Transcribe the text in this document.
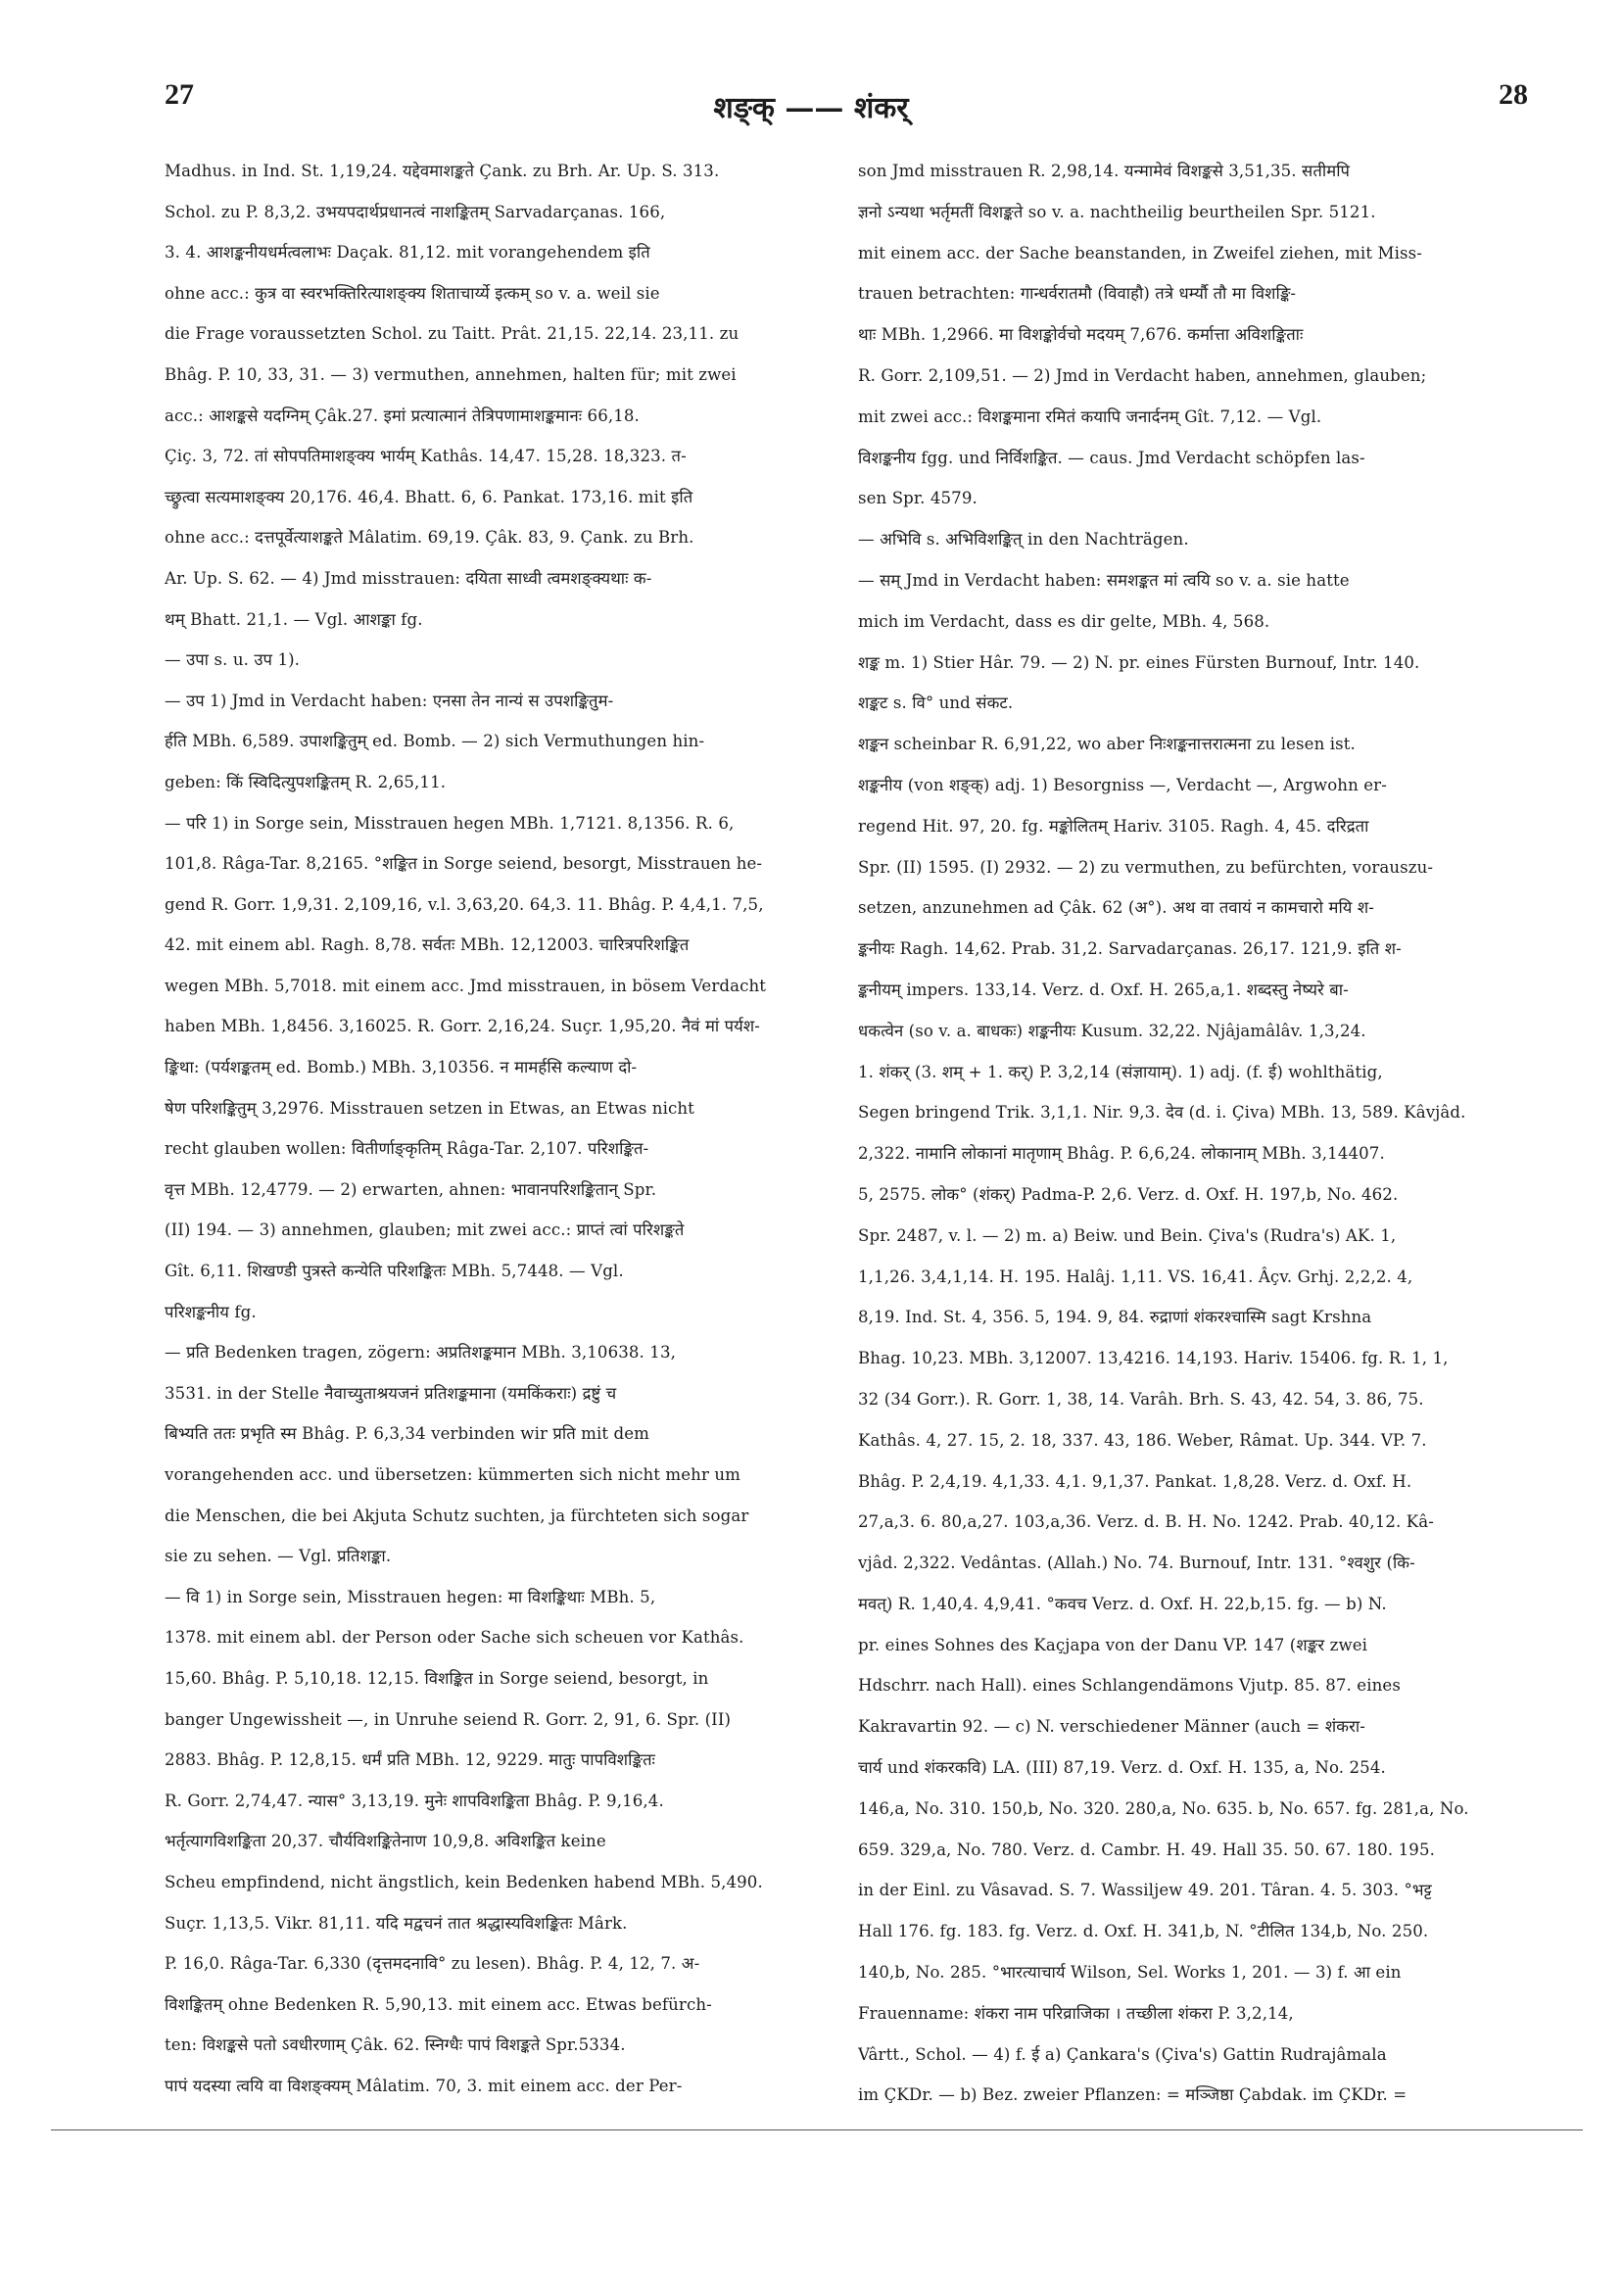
27	शङ्क् —— शंकर्	28
Madhus. in Ind. St. 1,19,24. यद्देवमाशङ्कते Çank. zu Brh. Ar. Up. S. 313.
Schol. zu P. 8,3,2. उभयपदार्थप्रधानत्वं नाशङ्कितम् Sarvadarçanas. 166,
3. 4. आशङ्कनीयधर्मत्वलाभः Daçak. 81,12. mit vorangehendem इति
ohne acc.: कुत्र वा स्वरभक्तिरित्याशङ्क्य शिताचार्य्ये इत्कम् so v. a. weil sie
die Frage voraussetzten Schol. zu Taitt. Prât. 21,15. 22,14. 23,11. zu
Bhâg. P. 10, 33, 31. — 3) vermuthen, annehmen, halten für; mit zwei
acc.: आशङ्कसे यदग्निम् Çâk.27. इमां प्रत्यात्मानं तेत्रिपणामाशङ्कमानः 66,18.
Çiç. 3, 72. तां सोपपतिमाशङ्क्य भार्यम् Kathâs. 14,47. 15,28. 18,323. त-
च्छ्रुत्वा सत्यमाशङ्क्य 20,176. 46,4. Bhatt. 6, 6. Pankat. 173,16. mit इति
ohne acc.: दत्तपूर्वेत्याशङ्कते Mâlatim. 69,19. Çâk. 83, 9. Çank. zu Brh.
Ar. Up. S. 62. — 4) Jmd misstrauen: दयिता साध्वी त्वमशङ्क्यथाः क-
थम् Bhatt. 21,1. — Vgl. आशङ्का fg.
— उपा s. u. उप 1).
— उप 1) Jmd in Verdacht haben: एनसा तेन नान्यं स उपशङ्कितुम-
र्हति MBh. 6,589. उपाशङ्कितुम् ed. Bomb. — 2) sich Vermuthungen hin-
geben: किं स्विदित्युपशङ्कितम् R. 2,65,11.
— परि 1) in Sorge sein, Misstrauen hegen MBh. 1,7121. 8,1356. R. 6,
101,8. Râga-Tar. 8,2165. °शङ्कित in Sorge seiend, besorgt, Misstrauen he-
gend R. Gorr. 1,9,31. 2,109,16, v.l. 3,63,20. 64,3. 11. Bhâg. P. 4,4,1. 7,5,
42. mit einem abl. Ragh. 8,78. सर्वतः MBh. 12,12003. चारित्रपरिशङ्कित
wegen MBh. 5,7018. mit einem acc. Jmd misstrauen, in bösem Verdacht
haben MBh. 1,8456. 3,16025. R. Gorr. 2,16,24. Suçr. 1,95,20. नैवं मां पर्यश-
ङ्किथा: (पर्यशङ्कतम् ed. Bomb.) MBh. 3,10356. न मामर्हसि कल्याण दो-
षेण परिशङ्कितुम् 3,2976. Misstrauen setzen in Etwas, an Etwas nicht
recht glauben wollen: वितीर्णाङ्कृतिम् Râga-Tar. 2,107. परिशङ्कित-
वृत्त MBh. 12,4779. — 2) erwarten, ahnen: भावानपरिशङ्कितान् Spr.
(II) 194. — 3) annehmen, glauben; mit zwei acc.: प्राप्तं त्वां परिशङ्कते
Gît. 6,11. शिखण्डी पुत्रस्ते कन्येति परिशङ्कितः MBh. 5,7448. — Vgl.
परिशङ्कनीय fg.
— प्रति Bedenken tragen, zögern: अप्रतिशङ्कमान MBh. 3,10638. 13,
3531. in der Stelle नैवाच्युताश्रयजनं प्रतिशङ्कमाना (यमकिंकराः) द्रष्टुं च
बिभ्यति ततः प्रभृति स्म Bhâg. P. 6,3,34 verbinden wir प्रति mit dem
vorangehenden acc. und übersetzen: kümmerten sich nicht mehr um
die Menschen, die bei Akjuta Schutz suchten, ja fürchteten sich sogar
sie zu sehen. — Vgl. प्रतिशङ्का.
— वि 1) in Sorge sein, Misstrauen hegen: मा विशङ्किथाः MBh. 5,
1378. mit einem abl. der Person oder Sache sich scheuen vor Kathâs.
15,60. Bhâg. P. 5,10,18. 12,15. विशङ्कित in Sorge seiend, besorgt, in
banger Ungewissheit —, in Unruhe seiend R. Gorr. 2, 91, 6. Spr. (II)
2883. Bhâg. P. 12,8,15. धर्मं प्रति MBh. 12, 9229. मातुः पापविशङ्कितः
R. Gorr. 2,74,47. न्यास° 3,13,19. मुनेः शापविशङ्किता Bhâg. P. 9,16,4.
भर्तृत्यागविशङ्किता 20,37. चौर्यविशङ्कितेनाण 10,9,8. अविशङ्कित keine
Scheu empfindend, nicht ängstlich, kein Bedenken habend MBh. 5,490.
Suçr. 1,13,5. Vikr. 81,11. यदि मद्वचनं तात श्रद्धास्यविशङ्कितः Mârk.
P. 16,0. Râga-Tar. 6,330 (दृत्तमदनावि° zu lesen). Bhâg. P. 4, 12, 7. अ-
विशङ्कितम् ohne Bedenken R. 5,90,13. mit einem acc. Etwas befürch-
ten: विशङ्कसे पतो ऽवधीरणाम् Çâk. 62. स्निग्धैः पापं विशङ्कते Spr.5334.
पापं यदस्या त्वयि वा विशङ्क्यम् Mâlatim. 70, 3. mit einem acc. der Per-
son Jmd misstrauen R. 2,98,14. यन्मामेवं विशङ्कसे 3,51,35. सतीमपि
ज्ञनो ऽन्यथा भर्तृमतीं विशङ्कते so v. a. nachtheilig beurtheilen Spr. 5121.
mit einem acc. der Sache beanstanden, in Zweifel ziehen, mit Miss-
trauen betrachten: गान्धर्वरातमौ (विवाहौ) तत्रे धर्म्यौ तौ मा विशङ्कि-
थाः MBh. 1,2966. मा विशङ्कोर्वचो मदयम् 7,676. कर्मात्ता अविशङ्किताः
R. Gorr. 2,109,51. — 2) Jmd in Verdacht haben, annehmen, glauben;
mit zwei acc.: विशङ्कमाना रमितं कयापि जनार्दनम् Gît. 7,12. — Vgl.
विशङ्कनीय fgg. und निर्विशङ्कित. — caus. Jmd Verdacht schöpfen las-
sen Spr. 4579.
— अभिवि s. अभिविशङ्कित् in den Nachträgen.
— सम् Jmd in Verdacht haben: समशङ्कत मां त्वयि so v. a. sie hatte
mich im Verdacht, dass es dir gelte, MBh. 4, 568.
शङ्क m. 1) Stier Hâr. 79. — 2) N. pr. eines Fürsten Burnouf, Intr. 140.
शङ्कट s. वि° und संकट.
शङ्कन scheinbar R. 6,91,22, wo aber निःशङ्कनात्तरात्मना zu lesen ist.
शङ्कनीय (von शङ्क्) adj. 1) Besorgniss —, Verdacht —, Argwohn er-
regend Hit. 97, 20. fg. मङ्कोलितम् Hariv. 3105. Ragh. 4, 45. दरिद्रता
Spr. (II) 1595. (I) 2932. — 2) zu vermuthen, zu befürchten, vorauszu-
setzen, anzunehmen ad Çâk. 62 (अ°). अथ वा तवायं न कामचारो मयि श-
ङ्कनीयः Ragh. 14,62. Prab. 31,2. Sarvadarçanas. 26,17. 121,9. इति श-
ङ्कनीयम् impers. 133,14. Verz. d. Oxf. H. 265,a,1. शब्दस्तु नेष्यरे बा-
धकत्वेन (so v. a. बाधकः) शङ्कनीयः Kusum. 32,22. Njâjamâlâv. 1,3,24.
1. शंकर् (3. शम् + 1. कर्) P. 3,2,14 (संज्ञायाम्). 1) adj. (f. ई) wohlthätig,
Segen bringend Trik. 3,1,1. Nir. 9,3. देव (d. i. Çiva) MBh. 13, 589. Kâvjâd.
2,322. नामानि लोकानां मातृणाम् Bhâg. P. 6,6,24. लोकानाम् MBh. 3,14407.
5, 2575. लोक° (शंकर्) Padma-P. 2,6. Verz. d. Oxf. H. 197,b, No. 462.
Spr. 2487, v. l. — 2) m. a) Beiw. und Bein. Çiva's (Rudra's) AK. 1,
1,1,26. 3,4,1,14. H. 195. Halâj. 1,11. VS. 16,41. Âçv. Grhj. 2,2,2. 4,
8,19. Ind. St. 4, 356. 5, 194. 9, 84. रुद्राणां शंकरश्चास्मि sagt Krshna
Bhag. 10,23. MBh. 3,12007. 13,4216. 14,193. Hariv. 15406. fg. R. 1, 1,
32 (34 Gorr.). R. Gorr. 1, 38, 14. Varâh. Brh. S. 43, 42. 54, 3. 86, 75.
Kathâs. 4, 27. 15, 2. 18, 337. 43, 186. Weber, Râmat. Up. 344. VP. 7.
Bhâg. P. 2,4,19. 4,1,33. 4,1. 9,1,37. Pankat. 1,8,28. Verz. d. Oxf. H.
27,a,3. 6. 80,a,27. 103,a,36. Verz. d. B. H. No. 1242. Prab. 40,12. Kâ-
vjâd. 2,322. Vedântas. (Allah.) No. 74. Burnouf, Intr. 131. °श्वशुर (कि-
मवत्) R. 1,40,4. 4,9,41. °कवच Verz. d. Oxf. H. 22,b,15. fg. — b) N.
pr. eines Sohnes des Kaçjapa von der Danu VP. 147 (शङ्कर zwei
Hdschrr. nach Hall). eines Schlangendämons Vjutp. 85. 87. eines
Kakravartin 92. — c) N. verschiedener Männer (auch = शंकरा-
चार्य und शंकरकवि) LA. (III) 87,19. Verz. d. Oxf. H. 135, a, No. 254.
146,a, No. 310. 150,b, No. 320. 280,a, No. 635. b, No. 657. fg. 281,a, No.
659. 329,a, No. 780. Verz. d. Cambr. H. 49. Hall 35. 50. 67. 180. 195.
in der Einl. zu Vâsavad. S. 7. Wassiljew 49. 201. Târan. 4. 5. 303. °भट्ट
Hall 176. fg. 183. fg. Verz. d. Oxf. H. 341,b, N. °टीलित 134,b, No. 250.
140,b, No. 285. °भारत्याचार्य Wilson, Sel. Works 1, 201. — 3) f. आ ein
Frauenname: शंकरा नाम परिव्राजिका । तच्छीला शंकरा P. 3,2,14,
Vârtt., Schol. — 4) f. ई a) Çankara's (Çiva's) Gattin Rudrajâmala
im ÇKDr. — b) Bez. zweier Pflanzen: = मञ्जिष्ठा Çabdak. im ÇKDr. =
